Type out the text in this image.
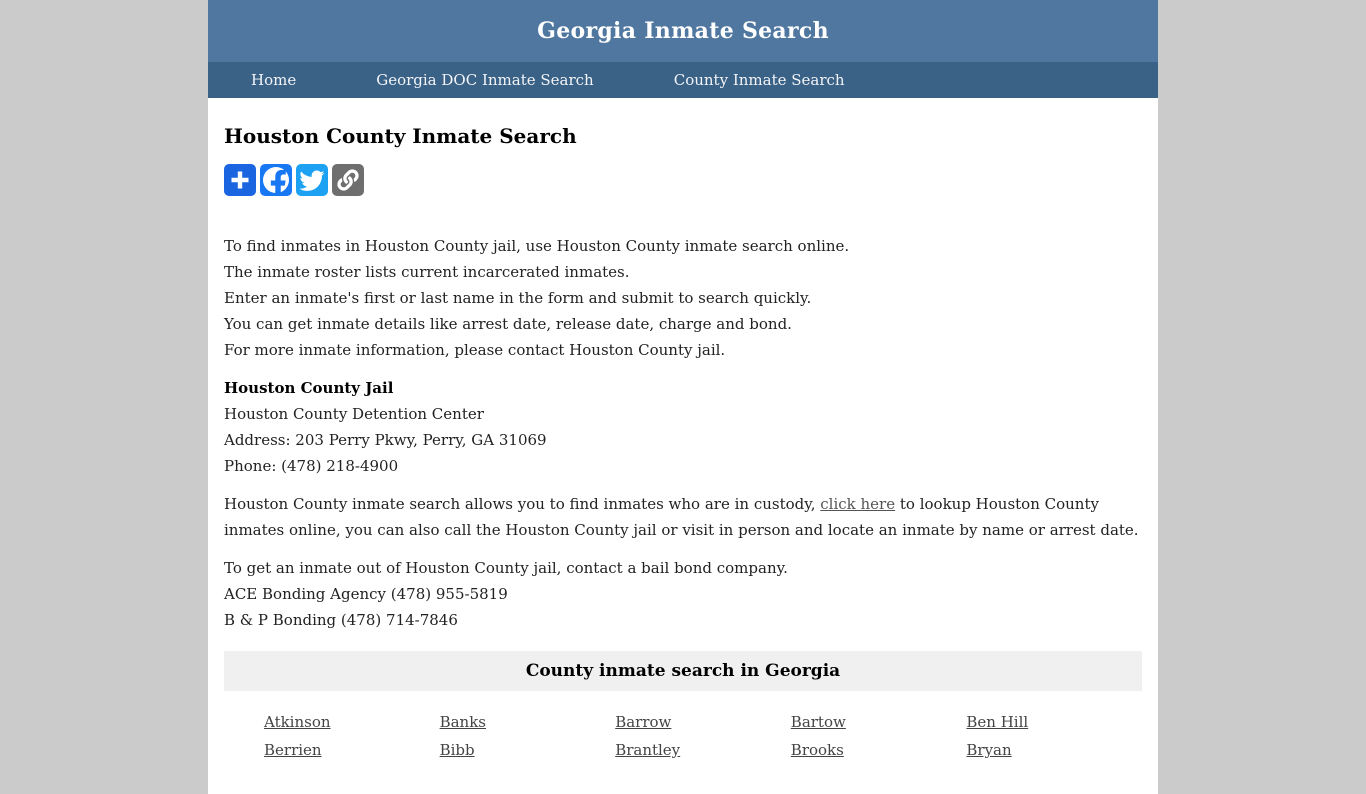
Georgia Inmate Search
Home	Georgia DOC Inmate Search	County Inmate Search
Houston County Inmate Search
To find inmates in Houston County jail, use Houston County inmate search online.
The inmate roster lists current incarcerated inmates.
Enter an inmate's first or last name in the form and submit to search quickly.
You can get inmate details like arrest date, release date, charge and bond.
For more inmate information, please contact Houston County jail.
Houston County Jail
Houston County Detention Center
Address: 203 Perry Pkwy, Perry, GA 31069
Phone: (478) 218-4900
Houston County inmate search allows you to find inmates who are in custody, click here to lookup Houston County inmates online, you can also call the Houston County jail or visit in person and locate an inmate by name or arrest date.
To get an inmate out of Houston County jail, contact a bail bond company.
ACE Bonding Agency (478) 955-5819
B & P Bonding (478) 714-7846
County inmate search in Georgia
Atkinson	Banks	Barrow	Bartow	Ben Hill
Berrien	Bibb	Brantley	Brooks	Bryan
